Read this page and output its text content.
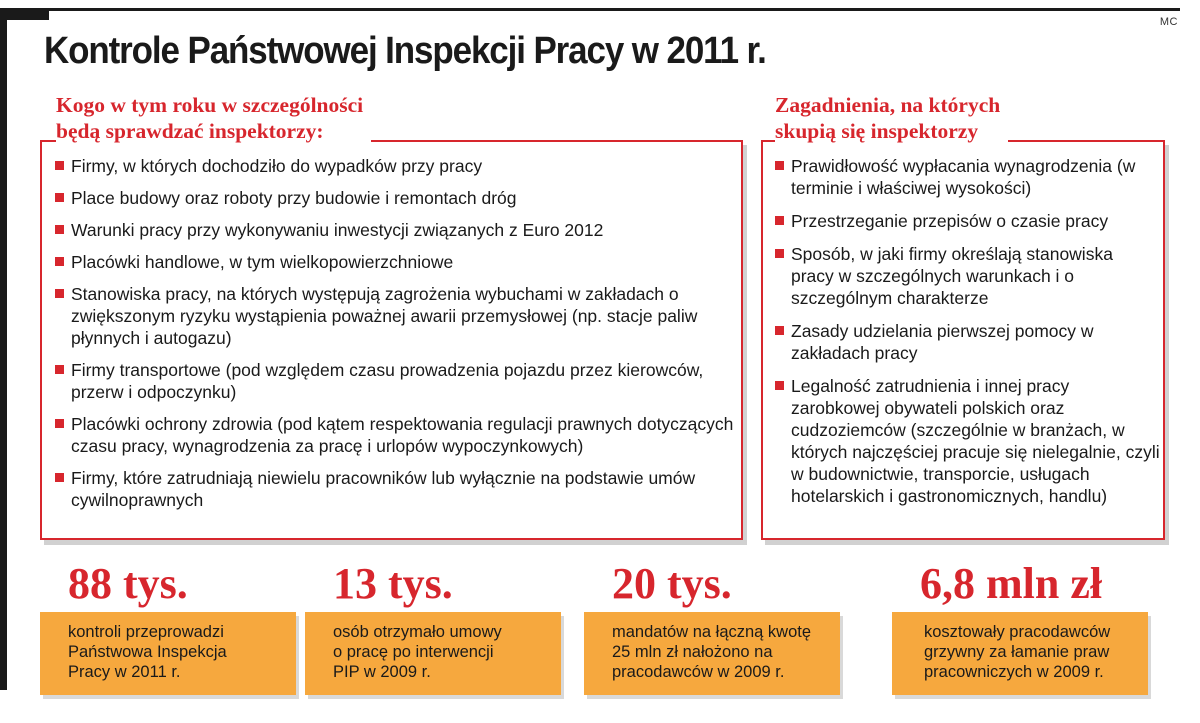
MC
Kontrole Państwowej Inspekcji Pracy w 2011 r.
Kogo w tym roku w szczególności
będą sprawdzać inspektorzy:
Firmy, w których dochodziło do wypadków przy pracy
Place budowy oraz roboty przy budowie i remontach dróg
Warunki pracy przy wykonywaniu inwestycji związanych z Euro 2012
Placówki handlowe, w tym wielkopowierzchniowe
Stanowiska pracy, na których występują zagrożenia wybuchami w zakładach o zwiększonym ryzyku wystąpienia poważnej awarii przemysłowej (np. stacje paliw płynnych i autogazu)
Firmy transportowe (pod względem czasu prowadzenia pojazdu przez kierowców, przerw i odpoczynku)
Placówki ochrony zdrowia (pod kątem respektowania regulacji prawnych dotyczących czasu pracy, wynagrodzenia za pracę i urlopów wypoczynkowych)
Firmy, które zatrudniają niewielu pracowników lub wyłącznie na podstawie umów cywilnoprawnych
Zagadnienia, na których
skupią się inspektorzy
Prawidłowość wypłacania wynagrodzenia (w terminie i właściwej wysokości)
Przestrzeganie przepisów o czasie pracy
Sposób, w jaki firmy określają stanowiska pracy w szczególnych warunkach i o szczególnym charakterze
Zasady udzielania pierwszej pomocy w zakładach pracy
Legalność zatrudnienia i innej pracy zarobkowej obywateli polskich oraz cudzoziemców (szczególnie w branżach, w których najczęściej pracuje się nielegalnie, czyli w budownictwie, transporcie, usługach hotelarskich i gastronomicznych, handlu)
88 tys.
kontroli przeprowadzi
Państwowa Inspekcja
Pracy w 2011 r.
13 tys.
osób otrzymało umowy
o pracę po interwencji
PIP w 2009 r.
20 tys.
mandatów na łączną kwotę
25 mln zł nałożono na
pracodawców w 2009 r.
6,8 mln zł
kosztowały pracodawców
grzywny za łamanie praw
pracowniczych w 2009 r.
